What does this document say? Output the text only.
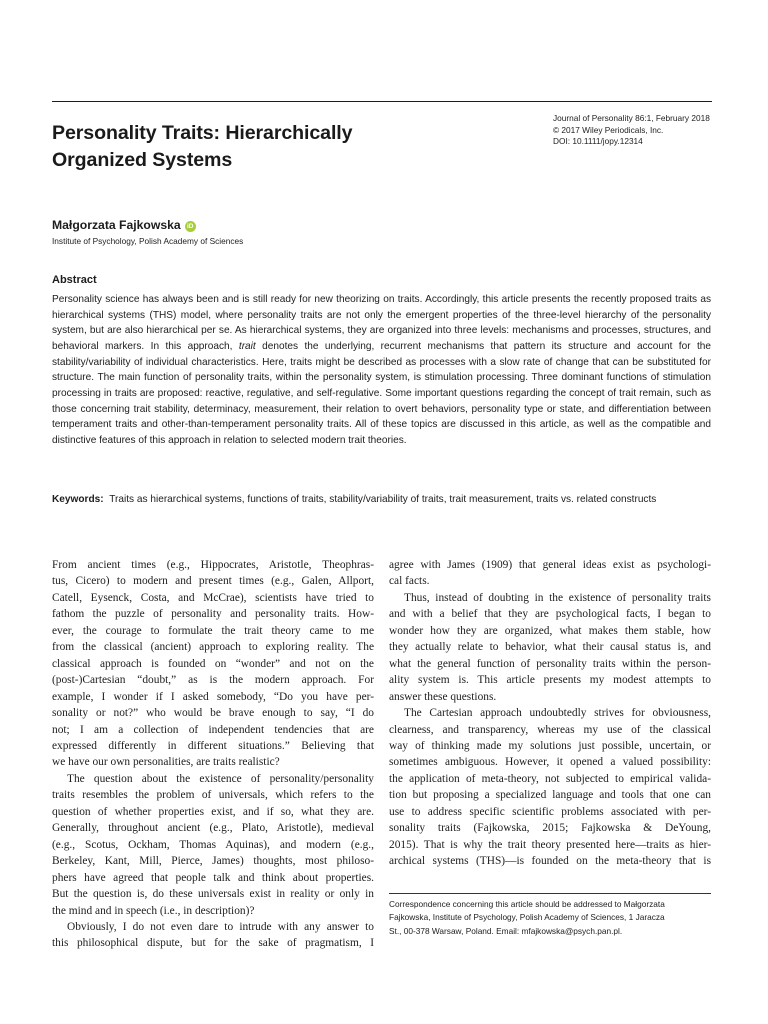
Journal of Personality 86:1, February 2018
© 2017 Wiley Periodicals, Inc.
DOI: 10.1111/jopy.12314
Personality Traits: Hierarchically
Organized Systems
Małgorzata Fajkowska iD
Institute of Psychology, Polish Academy of Sciences
Abstract

Personality science has always been and is still ready for new theorizing on traits. Accordingly, this article presents the recently proposed traits as hierarchical systems (THS) model, where personality traits are not only the emergent properties of the three-level hierarchy of the personality system, but are also hierarchical per se. As hierarchical systems, they are organized into three levels: mechanisms and processes, structures, and behavioral markers. In this approach, trait denotes the underlying, recurrent mechanisms that pattern its structure and account for the stability/variability of individual characteristics. Here, traits might be described as processes with a slow rate of change that can be substituted for structure. The main function of personality traits, within the personality system, is stimulation processing. Three dominant functions of stimulation processing in traits are proposed: reactive, regulative, and self-regulative. Some important questions regarding the concept of trait remain, such as those concerning trait stability, determinacy, measurement, their relation to overt behaviors, personality type or state, and differentiation between temperament traits and other-than-temperament personality traits. All of these topics are discussed in this article, as well as the compatible and distinctive features of this approach in relation to selected modern trait theories.

Keywords: Traits as hierarchical systems, functions of traits, stability/variability of traits, trait measurement, traits vs. related constructs
From ancient times (e.g., Hippocrates, Aristotle, Theophras-
tus, Cicero) to modern and present times (e.g., Galen, Allport,
Catell, Eysenck, Costa, and McCrae), scientists have tried to
fathom the puzzle of personality and personality traits. How-
ever, the courage to formulate the trait theory came to me
from the classical (ancient) approach to exploring reality. The
classical approach is founded on “wonder” and not on the
(post-)Cartesian “doubt,” as is the modern approach. For
example, I wonder if I asked somebody, “Do you have per-
sonality or not?” who would be brave enough to say, “I do
not; I am a collection of independent tendencies that are
expressed differently in different situations.” Believing that
we have our own personalities, are traits realistic?
The question about the existence of personality/personality
traits resembles the problem of universals, which refers to the
question of whether properties exist, and if so, what they are.
Generally, throughout ancient (e.g., Plato, Aristotle), medieval
(e.g., Scotus, Ockham, Thomas Aquinas), and modern (e.g.,
Berkeley, Kant, Mill, Pierce, James) thoughts, most philoso-
phers have agreed that people talk and think about properties.
But the question is, do these universals exist in reality or only in
the mind and in speech (i.e., in description)?
Obviously, I do not even dare to intrude with any answer to
this philosophical dispute, but for the sake of pragmatism, I
agree with James (1909) that general ideas exist as psychologi-
cal facts.
Thus, instead of doubting in the existence of personality traits
and with a belief that they are psychological facts, I began to
wonder how they are organized, what makes them stable, how
they actually relate to behavior, what their causal status is, and
what the general function of personality traits within the person-
ality system is. This article presents my modest attempts to
answer these questions.
The Cartesian approach undoubtedly strives for obviousness,
clearness, and transparency, whereas my use of the classical
way of thinking made my solutions just possible, uncertain, or
sometimes ambiguous. However, it opened a valued possibility:
the application of meta-theory, not subjected to empirical valida-
tion but proposing a specialized language and tools that one can
use to address specific scientific problems associated with per-
sonality traits (Fajkowska, 2015; Fajkowska & DeYoung,
2015). That is why the trait theory presented here—traits as hier-
archical systems (THS)—is founded on the meta-theory that is
Correspondence concerning this article should be addressed to Małgorzata
Fajkowska, Institute of Psychology, Polish Academy of Sciences, 1 Jaracza
St., 00-378 Warsaw, Poland. Email: mfajkowska@psych.pan.pl.
